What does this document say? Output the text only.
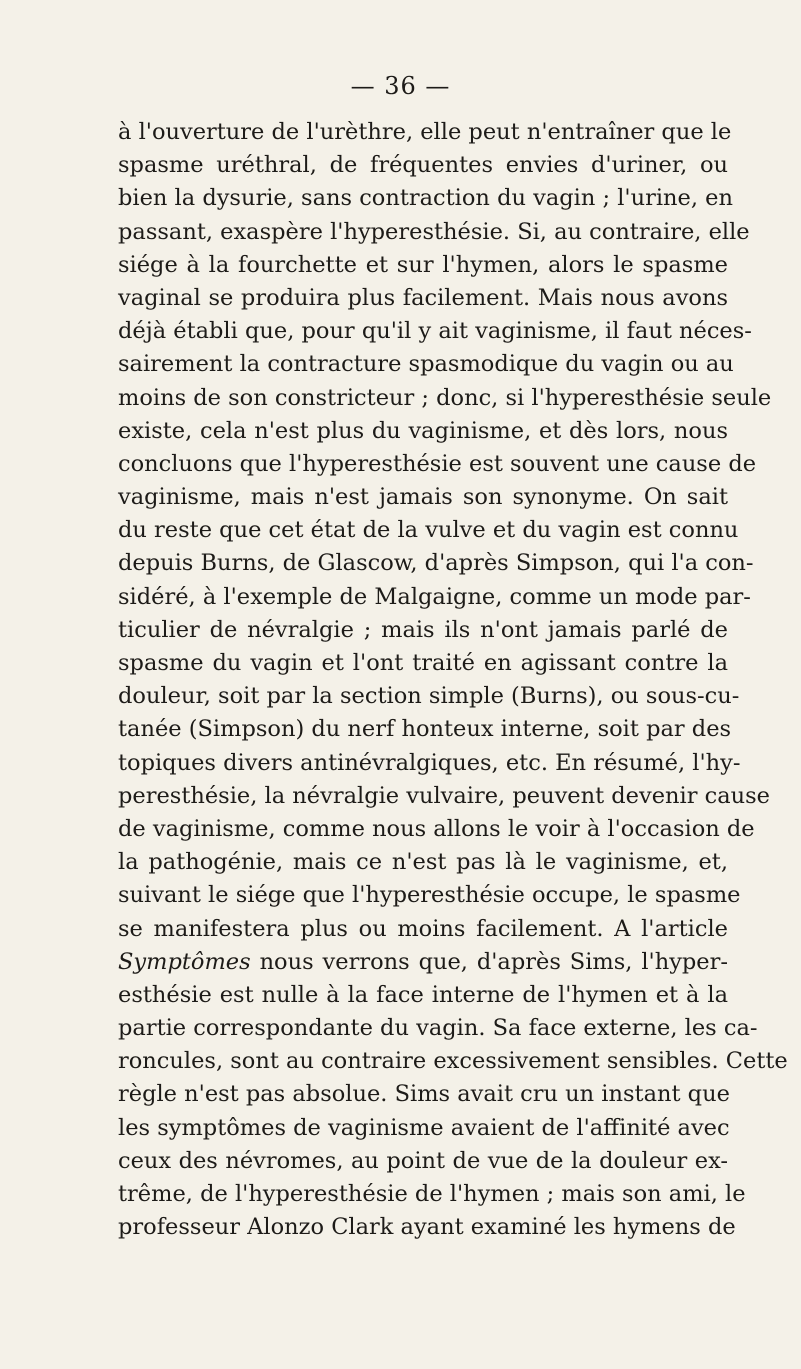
— 36 —
à l'ouverture de l'urèthre, elle peut n'entraîner que le
spasme uréthral, de fréquentes envies d'uriner, ou
bien la dysurie, sans contraction du vagin ; l'urine, en
passant, exaspère l'hyperesthésie. Si, au contraire, elle
siége à la fourchette et sur l'hymen, alors le spasme
vaginal se produira plus facilement. Mais nous avons
déjà établi que, pour qu'il y ait vaginisme, il faut néces-
sairement la contracture spasmodique du vagin ou au
moins de son constricteur ; donc, si l'hyperesthésie seule
existe, cela n'est plus du vaginisme, et dès lors, nous
concluons que l'hyperesthésie est souvent une cause de
vaginisme, mais n'est jamais son synonyme. On sait
du reste que cet état de la vulve et du vagin est connu
depuis Burns, de Glascow, d'après Simpson, qui l'a con-
sidéré, à l'exemple de Malgaigne, comme un mode par-
ticulier de névralgie ; mais ils n'ont jamais parlé de
spasme du vagin et l'ont traité en agissant contre la
douleur, soit par la section simple (Burns), ou sous-cu-
tanée (Simpson) du nerf honteux interne, soit par des
topiques divers antinévralgiques, etc. En résumé, l'hy-
peresthésie, la névralgie vulvaire, peuvent devenir cause
de vaginisme, comme nous allons le voir à l'occasion de
la pathogénie, mais ce n'est pas là le vaginisme, et,
suivant le siége que l'hyperesthésie occupe, le spasme
se manifestera plus ou moins facilement. A l'article
Symptômes nous verrons que, d'après Sims, l'hyper-
esthésie est nulle à la face interne de l'hymen et à la
partie correspondante du vagin. Sa face externe, les ca-
roncules, sont au contraire excessivement sensibles. Cette
règle n'est pas absolue. Sims avait cru un instant que
les symptômes de vaginisme avaient de l'affinité avec
ceux des névromes, au point de vue de la douleur ex-
trême, de l'hyperesthésie de l'hymen ; mais son ami, le
professeur Alonzo Clark ayant examiné les hymens de
